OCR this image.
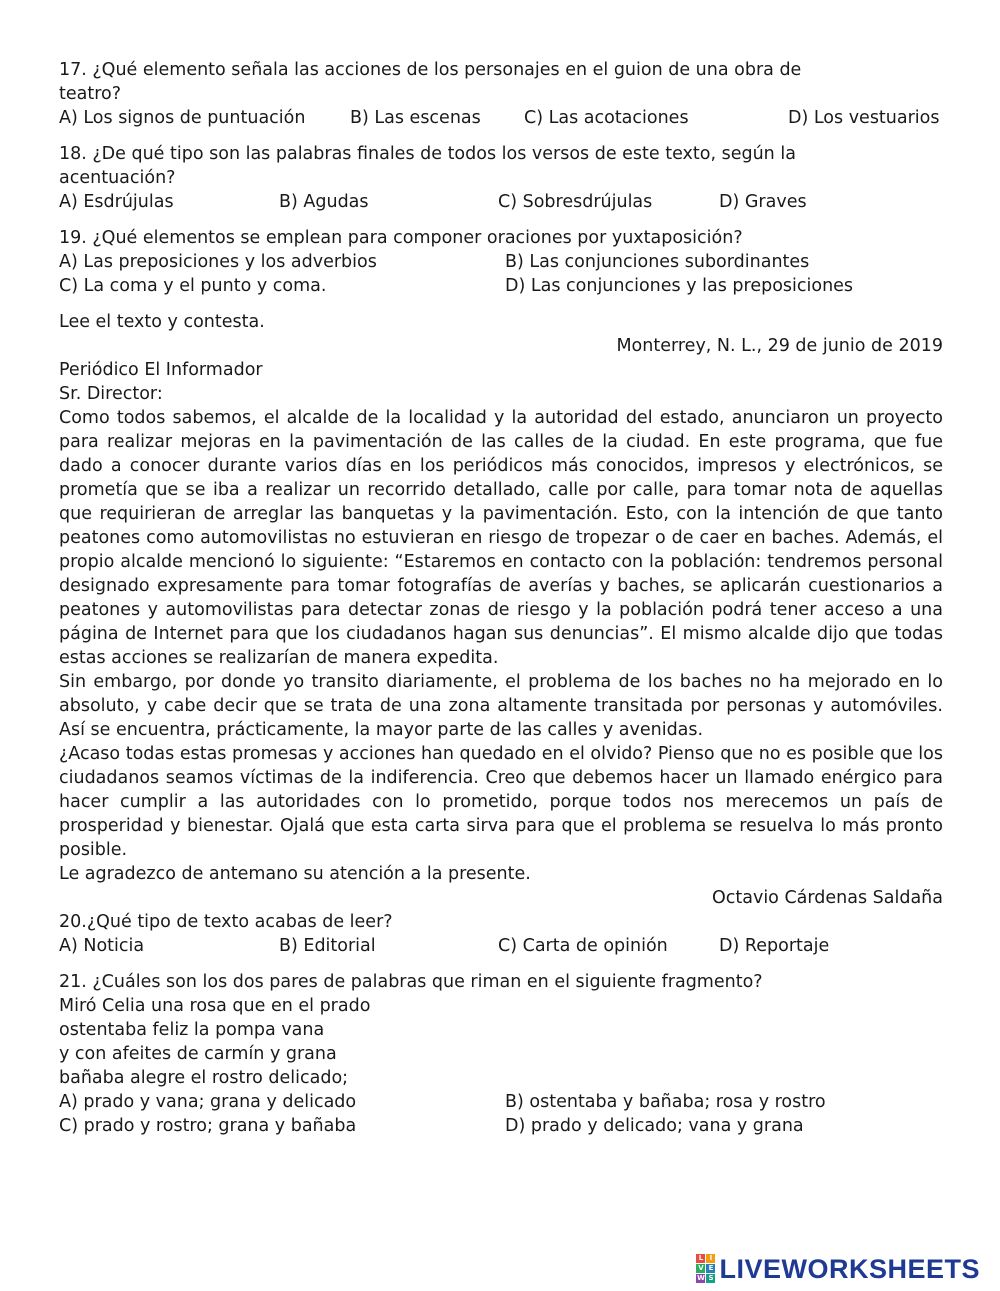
17. ¿Qué elemento señala las acciones de los personajes en el guion de una obra de
teatro?
A) Los signos de puntuación	B) Las escenas C) Las acotaciones	D) Los vestuarios
18. ¿De qué tipo son las palabras finales de todos los versos de este texto, según la
acentuación?
A) Esdrújulas	B) Agudas	C) Sobresdrújulas	D) Graves
19. ¿Qué elementos se emplean para componer oraciones por yuxtaposición?
A) Las preposiciones y los adverbios	B) Las conjunciones subordinantes
C) La coma y el punto y coma.	D) Las conjunciones y las preposiciones
Lee el texto y contesta.
Monterrey, N. L., 29 de junio de 2019
Periódico El Informador
Sr. Director:
Como todos sabemos, el alcalde de la localidad y la autoridad del estado, anunciaron un proyecto para realizar mejoras en la pavimentación de las calles de la ciudad. En este programa, que fue dado a conocer durante varios días en los periódicos más conocidos, impresos y electrónicos, se prometía que se iba a realizar un recorrido detallado, calle por calle, para tomar nota de aquellas que requirieran de arreglar las banquetas y la pavimentación. Esto, con la intención de que tanto peatones como automovilistas no estuvieran en riesgo de tropezar o de caer en baches. Además, el propio alcalde mencionó lo siguiente: “Estaremos en contacto con la población: tendremos personal designado expresamente para tomar fotografías de averías y baches, se aplicarán cuestionarios a peatones y automovilistas para detectar zonas de riesgo y la población podrá tener acceso a una página de Internet para que los ciudadanos hagan sus denuncias”. El mismo alcalde dijo que todas estas acciones se realizarían de manera expedita.
Sin embargo, por donde yo transito diariamente, el problema de los baches no ha mejorado en lo absoluto, y cabe decir que se trata de una zona altamente transitada por personas y automóviles. Así se encuentra, prácticamente, la mayor parte de las calles y avenidas.
¿Acaso todas estas promesas y acciones han quedado en el olvido? Pienso que no es posible que los ciudadanos seamos víctimas de la indiferencia. Creo que debemos hacer un llamado enérgico para hacer cumplir a las autoridades con lo prometido, porque todos nos merecemos un país de prosperidad y bienestar. Ojalá que esta carta sirva para que el problema se resuelva lo más pronto posible.
Le agradezco de antemano su atención a la presente.
Octavio Cárdenas Saldaña
20.¿Qué tipo de texto acabas de leer?
A) Noticia	B) Editorial	C) Carta de opinión	D) Reportaje
21. ¿Cuáles son los dos pares de palabras que riman en el siguiente fragmento?
Miró Celia una rosa que en el prado
ostentaba feliz la pompa vana
y con afeites de carmín y grana
bañaba alegre el rostro delicado;
A) prado y vana; grana y delicado	B) ostentaba y bañaba; rosa y rostro
C) prado y rostro; grana y bañaba	D) prado y delicado; vana y grana
L I
V E
W S LIVEWORKSHEETS
